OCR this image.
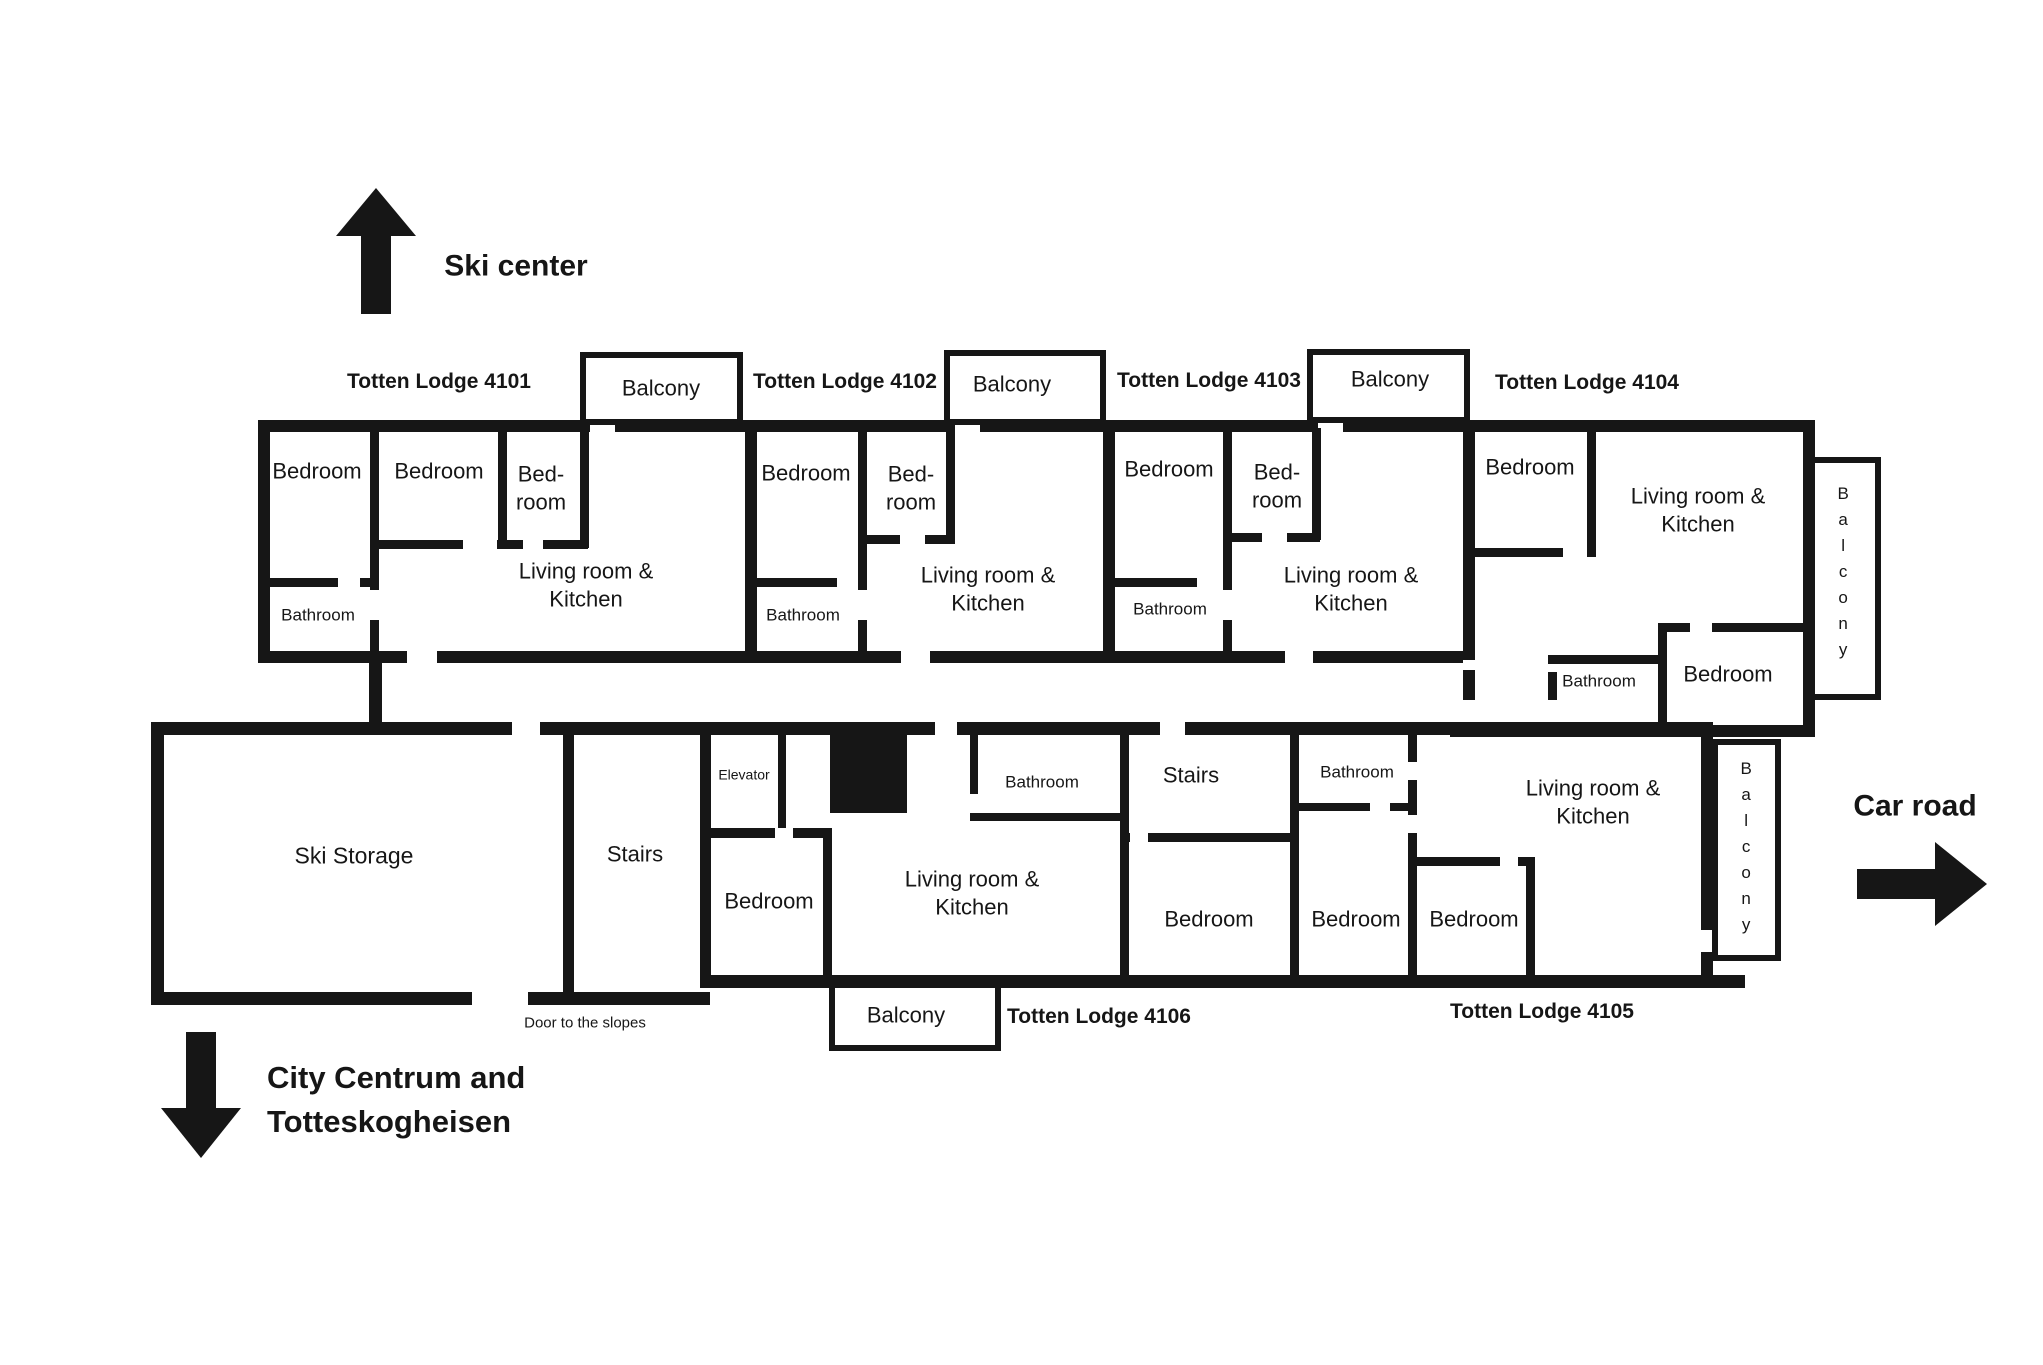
Totten Lodge 4101	Totten Lodge 4102	Totten Lodge 4103	Totten Lodge 4104
Totten Lodge 4105
Totten Lodge 4106
Bedroom Bedroom Bed-
room
Living room &
Kitchen
Bathroom
Balcony
Bedroom Bed-
room
Living room &
Kitchen
Bathroom
Balcony
Bedroom Bed-
room
Living room &
Kitchen
Bathroom
Balcony
Bedroom
Living room &
Kitchen
Bathroom Bedroom
Balcony
Ski Storage	Stairs
Door to the slopes
Elevator
Bedroom
Living room &
Kitchen
Bathroom
Balcony
Stairs
Bedroom	Bedroom Bedroom
Bathroom
Living room &
Kitchen	Balcony
Ski center
City Centrum and
Totteskogheisen
Car road
